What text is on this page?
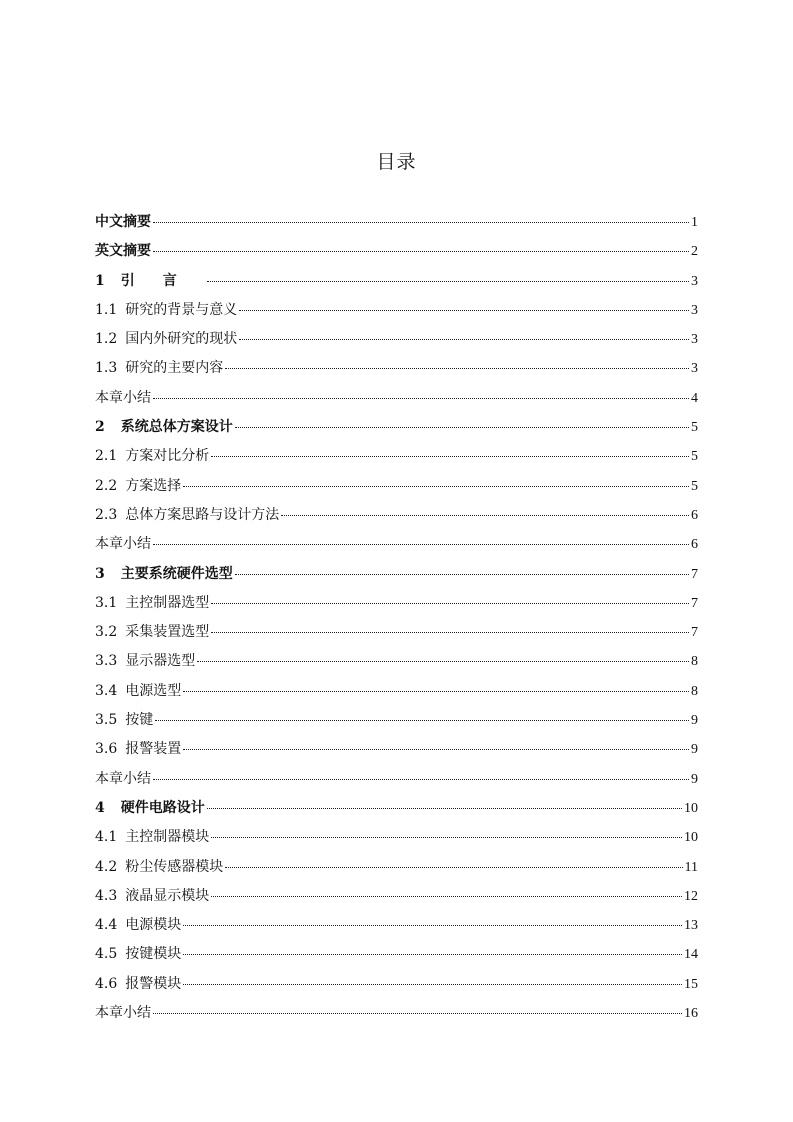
目录
中文摘要	1
英文摘要	2
1 引言	3
1.1 研究的背景与意义	3
1.2 国内外研究的现状	3
1.3 研究的主要内容	3
本章小结	4
2 系统总体方案设计	5
2.1 方案对比分析	5
2.2 方案选择	5
2.3 总体方案思路与设计方法	6
本章小结	6
3 主要系统硬件选型	7
3.1 主控制器选型	7
3.2 采集装置选型	7
3.3 显示器选型	8
3.4 电源选型	8
3.5 按键	9
3.6 报警装置	9
本章小结	9
4 硬件电路设计	10
4.1 主控制器模块	10
4.2 粉尘传感器模块	11
4.3 液晶显示模块	12
4.4 电源模块	13
4.5 按键模块	14
4.6 报警模块	15
本章小结	16
